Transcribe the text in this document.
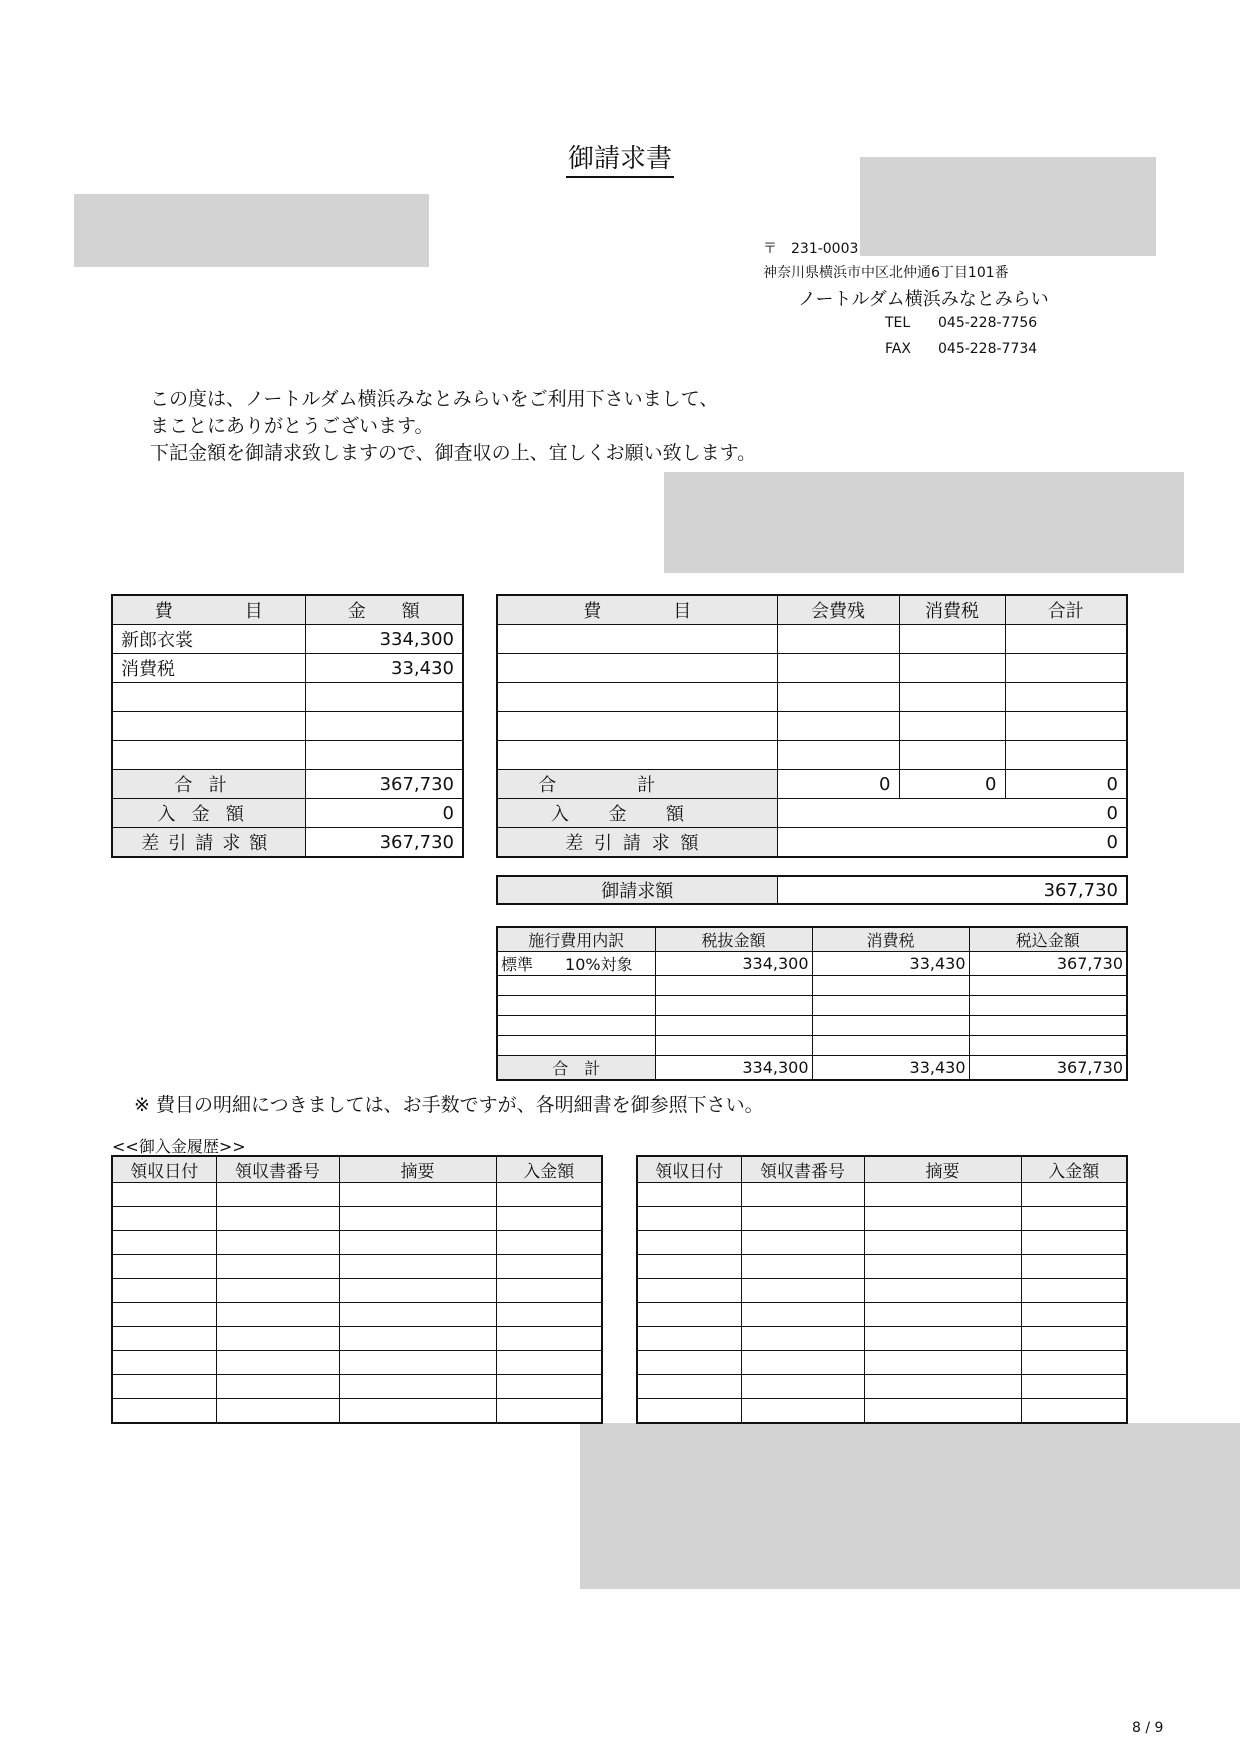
御請求書
〒　231-0003
神奈川県横浜市中区北仲通6丁目101番
ノートルダム横浜みなとみらい
TEL 045-228-7756
FAX 045-228-7734
この度は、ノートルダム横浜みなとみらいをご利用下さいまして、
まことにありがとうございます。
下記金額を御請求致しますので、御査収の上、宜しくお願い致します。
費　　　　目	金　　額
新郎衣裳	334,300
消費税	33,430

合計	367,730
入金額	0
差引請求額	367,730
費　　　　目	会費残	消費税	合計

合計	0	0	0
入金額	0		
差引請求額	0		
御請求額	367,730
施行費用内訳	税抜金額	消費税	税込金額
標準 10%対象	334,300	33,430	367,730

合　計	334,300	33,430	367,730
※ 費目の明細につきましては、お手数ですが、各明細書を御参照下さい。
<<御入金履歴>>
領収日付	領収書番号	摘要	入金額

				領収日付	領収書番号	摘要	入金額

8 / 9
